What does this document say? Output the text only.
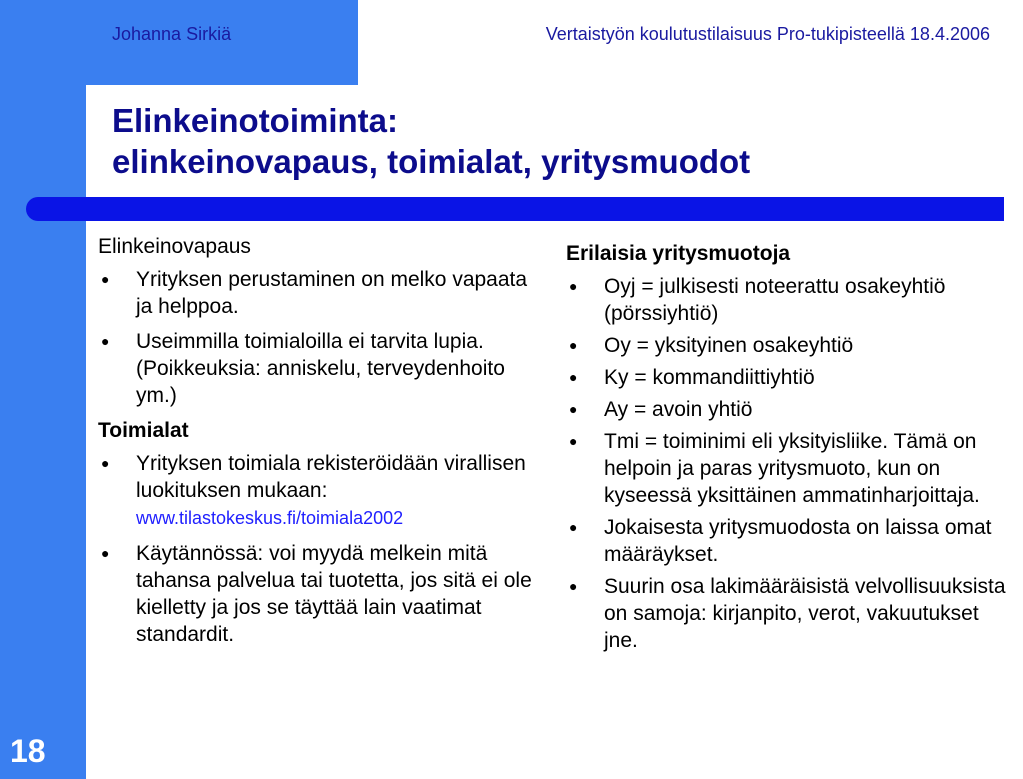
Johanna Sirkiä	Vertaistyön koulutustilaisuus Pro-tukipisteellä 18.4.2006
Elinkeinotoiminta:
elinkeinovapaus, toimialat, yritysmuodot
Elinkeinovapaus
● Yrityksen perustaminen on melko vapaata ja helppoa.
● Useimmilla toimialoilla ei tarvita lupia. (Poikkeuksia: anniskelu, terveydenhoito ym.)
Toimialat
● Yrityksen toimiala rekisteröidään virallisen luokituksen mukaan:
www.tilastokeskus.fi/toimiala2002
● Käytännössä: voi myydä melkein mitä tahansa palvelua tai tuotetta, jos sitä ei ole kielletty ja jos se täyttää lain vaatimat standardit.
Erilaisia yritysmuotoja
● Oyj = julkisesti noteerattu osakeyhtiö (pörssiyhtiö)
● Oy = yksityinen osakeyhtiö
● Ky = kommandiittiyhtiö
● Ay = avoin yhtiö
● Tmi = toiminimi eli yksityisliike. Tämä on helpoin ja paras yritysmuoto, kun on kyseessä yksittäinen ammatinharjoittaja.
● Jokaisesta yritysmuodosta on laissa omat määräykset.
● Suurin osa lakimääräisistä velvollisuuksista on samoja: kirjanpito, verot, vakuutukset jne.
18
